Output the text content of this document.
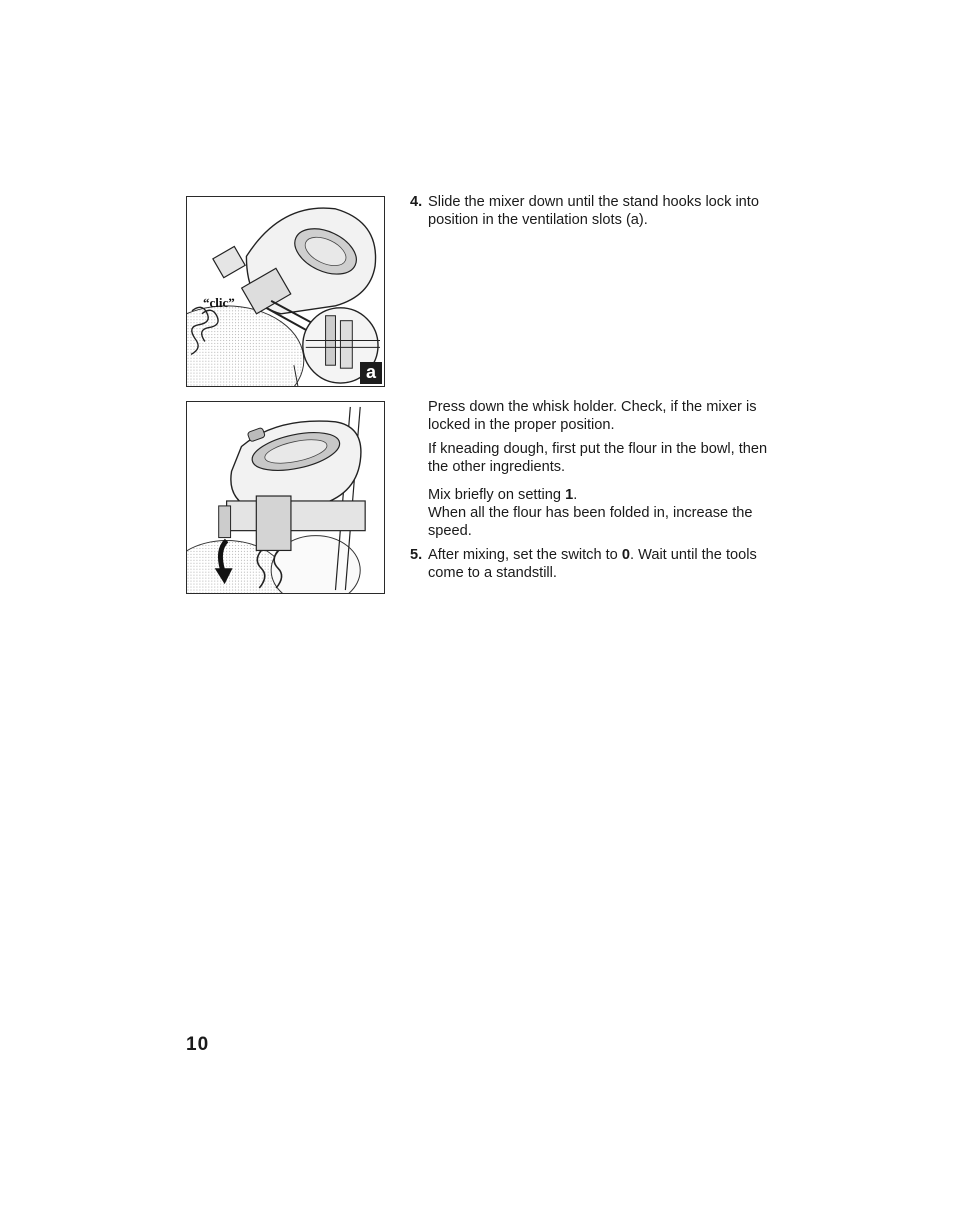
“clic”
a
4. Slide the mixer down until the stand hooks lock into position in the ventilation slots (a).
Press down the whisk holder. Check, if the mixer is locked in the proper position.
If kneading dough, first put the flour in the bowl, then the other ingredients.
Mix briefly on setting 1.
When all the flour has been folded in, increase the speed.
5. After mixing, set the switch to 0. Wait until the tools come to a standstill.
10
